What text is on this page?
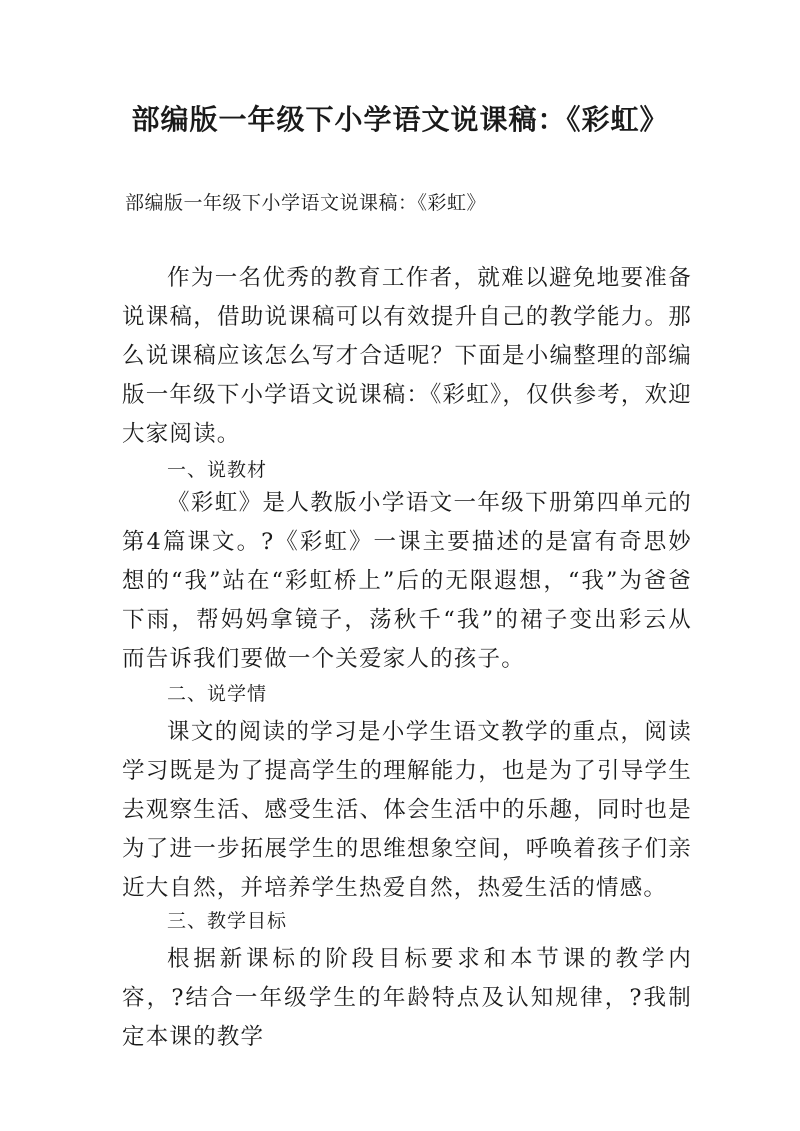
部编版一年级下小学语文说课稿：《彩虹》

部编版一年级下小学语文说课稿：《彩虹》

作为一名优秀的教育工作者，就难以避免地要准备说课稿，借助说课稿可以有效提升自己的教学能力。那么说课稿应该怎么写才合适呢？下面是小编整理的部编版一年级下小学语文说课稿：《彩虹》，仅供参考，欢迎大家阅读。

一、说教材

《彩虹》是人教版小学语文一年级下册第四单元的第4篇课文。?《彩虹》一课主要描述的是富有奇思妙想的“我”站在“彩虹桥上”后的无限遐想，“我”为爸爸下雨，帮妈妈拿镜子，荡秋千“我”的裙子变出彩云从而告诉我们要做一个关爱家人的孩子。

二、说学情

课文的阅读的学习是小学生语文教学的重点，阅读学习既是为了提高学生的理解能力，也是为了引导学生去观察生活、感受生活、体会生活中的乐趣，同时也是为了进一步拓展学生的思维想象空间，呼唤着孩子们亲近大自然，并培养学生热爱自然，热爱生活的情感。

三、教学目标

根据新课标的阶段目标要求和本节课的教学内容，?结合一年级学生的年龄特点及认知规律，?我制定本课的教学
